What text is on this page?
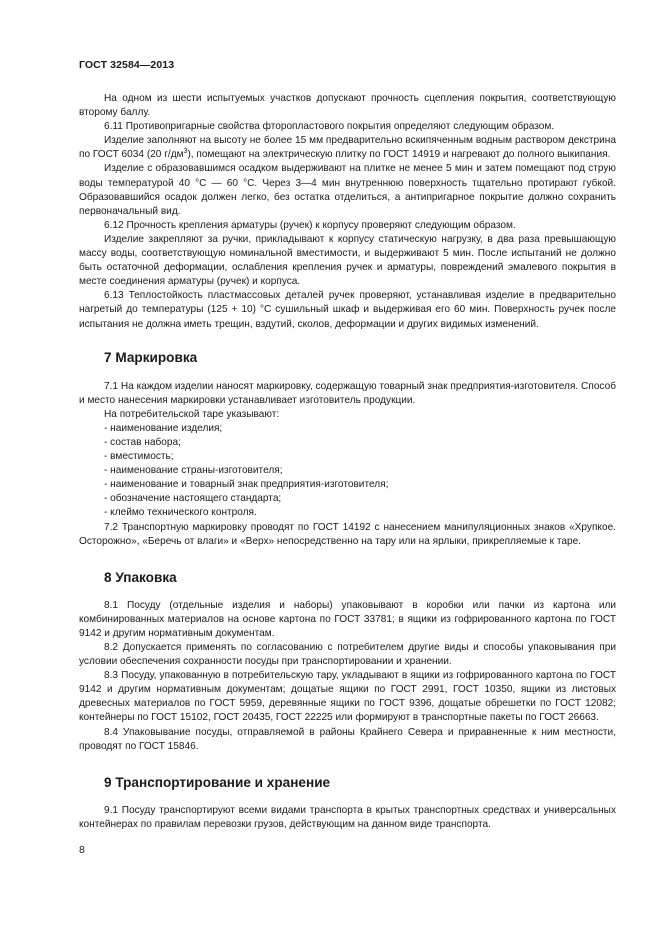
ГОСТ 32584—2013

На одном из шести испытуемых участков допускают прочность сцепления покрытия, соответствующую второму баллу.

6.11 Противопригарные свойства фторопластового покрытия определяют следующим образом.

Изделие заполняют на высоту не более 15 мм предварительно вскипяченным водным раствором декстрина по ГОСТ 6034 (20 $г/дм^3$), помещают на электрическую плитку по ГОСТ 14919 и нагревают до полного выкипания.

Изделие с образовавшимся осадком выдерживают на плитке не менее 5 мин и затем помещают под струю воды температурой 40 °С — 60 °С. Через 3—4 мин внутреннюю поверхность тщательно протирают губкой. Образовавшийся осадок должен легко, без остатка отделиться, а антипригарное покрытие должно сохранить первоначальный вид.

6.12 Прочность крепления арматуры (ручек) к корпусу проверяют следующим образом.

Изделие закрепляют за ручки, прикладывают к корпусу статическую нагрузку, в два раза превышающую массу воды, соответствующую номинальной вместимости, и выдерживают 5 мин. После испытаний не должно быть остаточной деформации, ослабления крепления ручек и арматуры, повреждений эмалевого покрытия в месте соединения арматуры (ручек) и корпуса.

6.13 Теплостойкость пластмассовых деталей ручек проверяют, устанавливая изделие в предварительно нагретый до температуры (125 + 10) °С сушильный шкаф и выдерживая его 60 мин. Поверхность ручек после испытания не должна иметь трещин, вздутий, сколов, деформации и других видимых изменений.

7 Маркировка

7.1 На каждом изделии наносят маркировку, содержащую товарный знак предприятия-изготовителя. Способ и место нанесения маркировки устанавливает изготовитель продукции.

На потребительской таре указывают:

- наименование изделия;

- состав набора;

- вместимость;

- наименование страны-изготовителя;

- наименование и товарный знак предприятия-изготовителя;

- обозначение настоящего стандарта;

- клеймо технического контроля.

7.2 Транспортную маркировку проводят по ГОСТ 14192 с нанесением манипуляционных знаков «Хрупкое. Осторожно», «Беречь от влаги» и «Верх» непосредственно на тару или на ярлыки, прикрепляемые к таре.

8 Упаковка

8.1 Посуду (отдельные изделия и наборы) упаковывают в коробки или пачки из картона или комбинированных материалов на основе картона по ГОСТ 33781; в ящики из гофрированного картона по ГОСТ 9142 и другим нормативным документам.

8.2 Допускается применять по согласованию с потребителем другие виды и способы упаковывания при условии обеспечения сохранности посуды при транспортировании и хранении.

8.3 Посуду, упакованную в потребительскую тару, укладывают в ящики из гофрированного картона по ГОСТ 9142 и другим нормативным документам; дощатые ящики по ГОСТ 2991, ГОСТ 10350, ящики из листовых древесных материалов по ГОСТ 5959, деревянные ящики по ГОСТ 9396, дощатые обрешетки по ГОСТ 12082; контейнеры по ГОСТ 15102, ГОСТ 20435, ГОСТ 22225 или формируют в транспортные пакеты по ГОСТ 26663.

8.4 Упаковывание посуды, отправляемой в районы Крайнего Севера и приравненные к ним местности, проводят по ГОСТ 15846.

9 Транспортирование и хранение

9.1 Посуду транспортируют всеми видами транспорта в крытых транспортных средствах и универсальных контейнерах по правилам перевозки грузов, действующим на данном виде транспорта.

8
